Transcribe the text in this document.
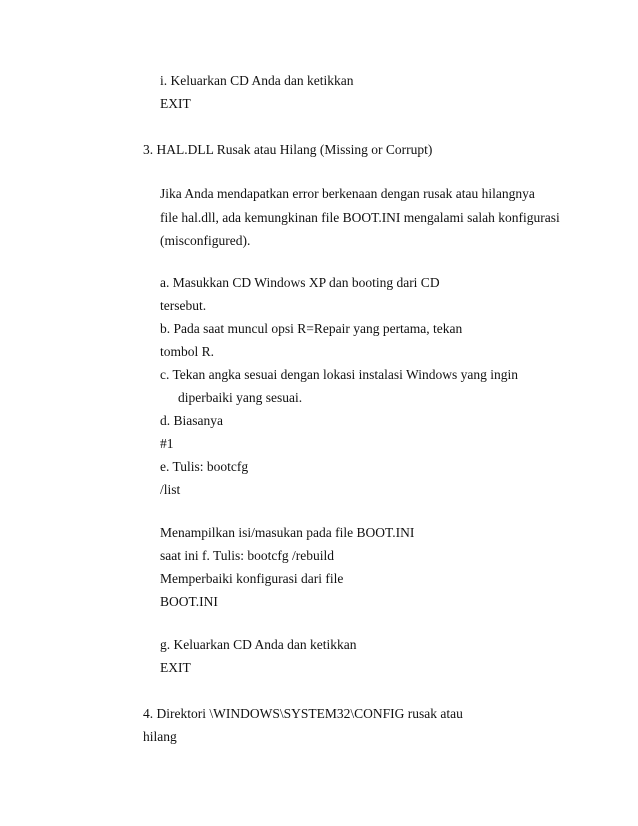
i. Keluarkan CD Anda dan ketikkan
EXIT
3. HAL.DLL Rusak atau Hilang (Missing or Corrupt)
Jika Anda mendapatkan error berkenaan dengan rusak atau hilangnya
file hal.dll, ada kemungkinan file BOOT.INI mengalami salah konfigurasi
(misconfigured).
a. Masukkan CD Windows XP dan booting dari CD
tersebut.
b. Pada saat muncul opsi R=Repair yang pertama, tekan
tombol R.
c. Tekan angka sesuai dengan lokasi instalasi Windows yang ingin
diperbaiki yang sesuai.
d. Biasanya
#1
e. Tulis: bootcfg
/list
Menampilkan isi/masukan pada file BOOT.INI
saat ini f. Tulis: bootcfg /rebuild
Memperbaiki konfigurasi dari file
BOOT.INI
g. Keluarkan CD Anda dan ketikkan
EXIT
4. Direktori \WINDOWS\SYSTEM32\CONFIG rusak atau
hilang
